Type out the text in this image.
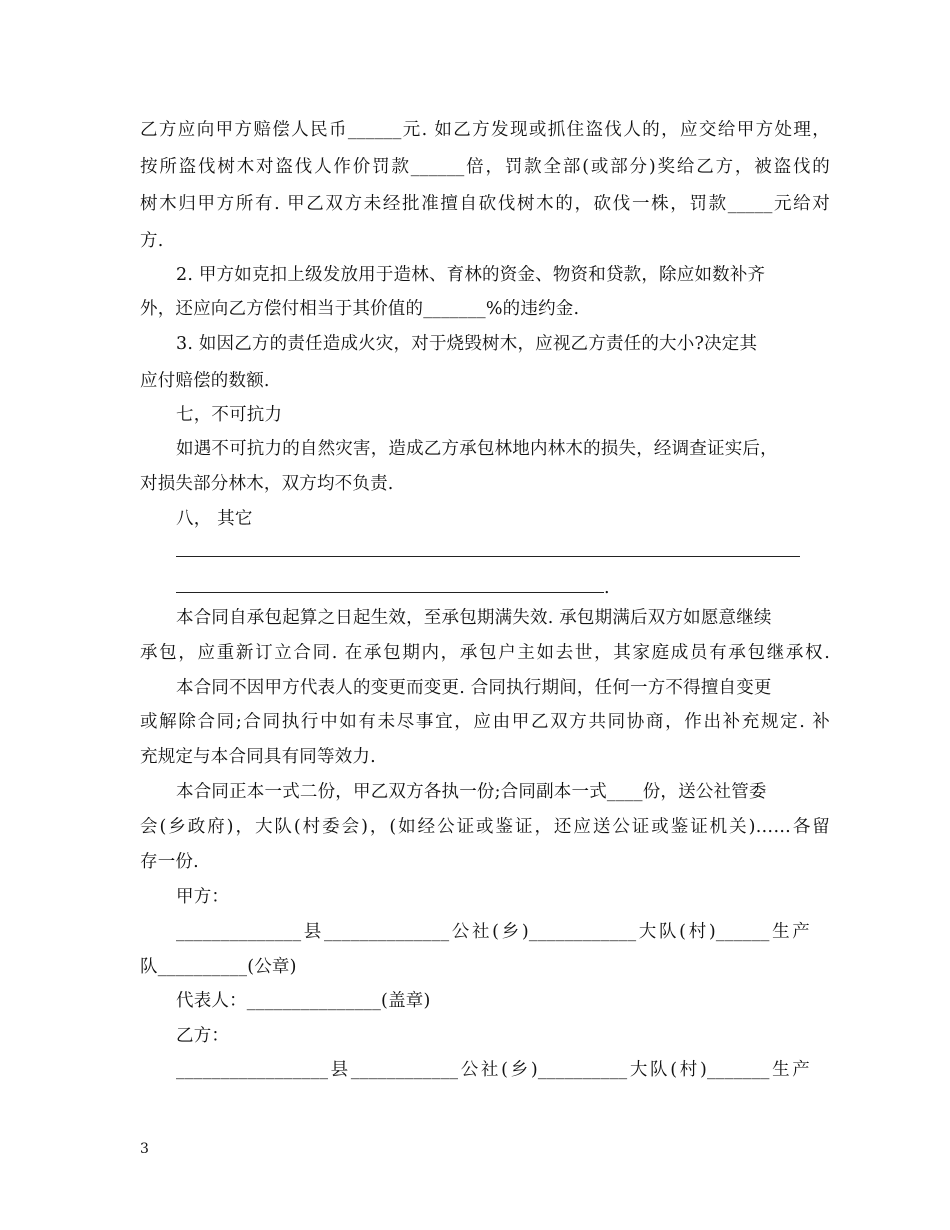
乙方应向甲方赔偿人民币______元. 如乙方发现或抓住盗伐人的，应交给甲方处理，
按所盗伐树木对盗伐人作价罚款______倍，罚款全部(或部分)奖给乙方，被盗伐的
树木归甲方所有. 甲乙双方未经批准擅自砍伐树木的，砍伐一株，罚款_____元给对
方.
2. 甲方如克扣上级发放用于造林、育林的资金、物资和贷款，除应如数补齐
外，还应向乙方偿付相当于其价值的_______%的违约金.
3. 如因乙方的责任造成火灾，对于烧毁树木，应视乙方责任的大小?决定其
应付赔偿的数额.
七，不可抗力
如遇不可抗力的自然灾害，造成乙方承包林地内林木的损失，经调查证实后，
对损失部分林木，双方均不负责.
八， 其它
.
本合同自承包起算之日起生效，至承包期满失效. 承包期满后双方如愿意继续
承包，应重新订立合同. 在承包期内，承包户主如去世，其家庭成员有承包继承权.
本合同不因甲方代表人的变更而变更. 合同执行期间，任何一方不得擅自变更
或解除合同;合同执行中如有未尽事宜，应由甲乙双方共同协商，作出补充规定. 补
充规定与本合同具有同等效力.
本合同正本一式二份，甲乙双方各执一份;合同副本一式____份，送公社管委
会(乡政府)，大队(村委会)，(如经公证或鉴证，还应送公证或鉴证机关)……各留
存一份.
甲方：
______________县______________公社(乡)____________大队(村)______生产
队__________(公章)
代表人：_______________(盖章)
乙方：
_________________县____________公社(乡)__________大队(村)_______生产
3
